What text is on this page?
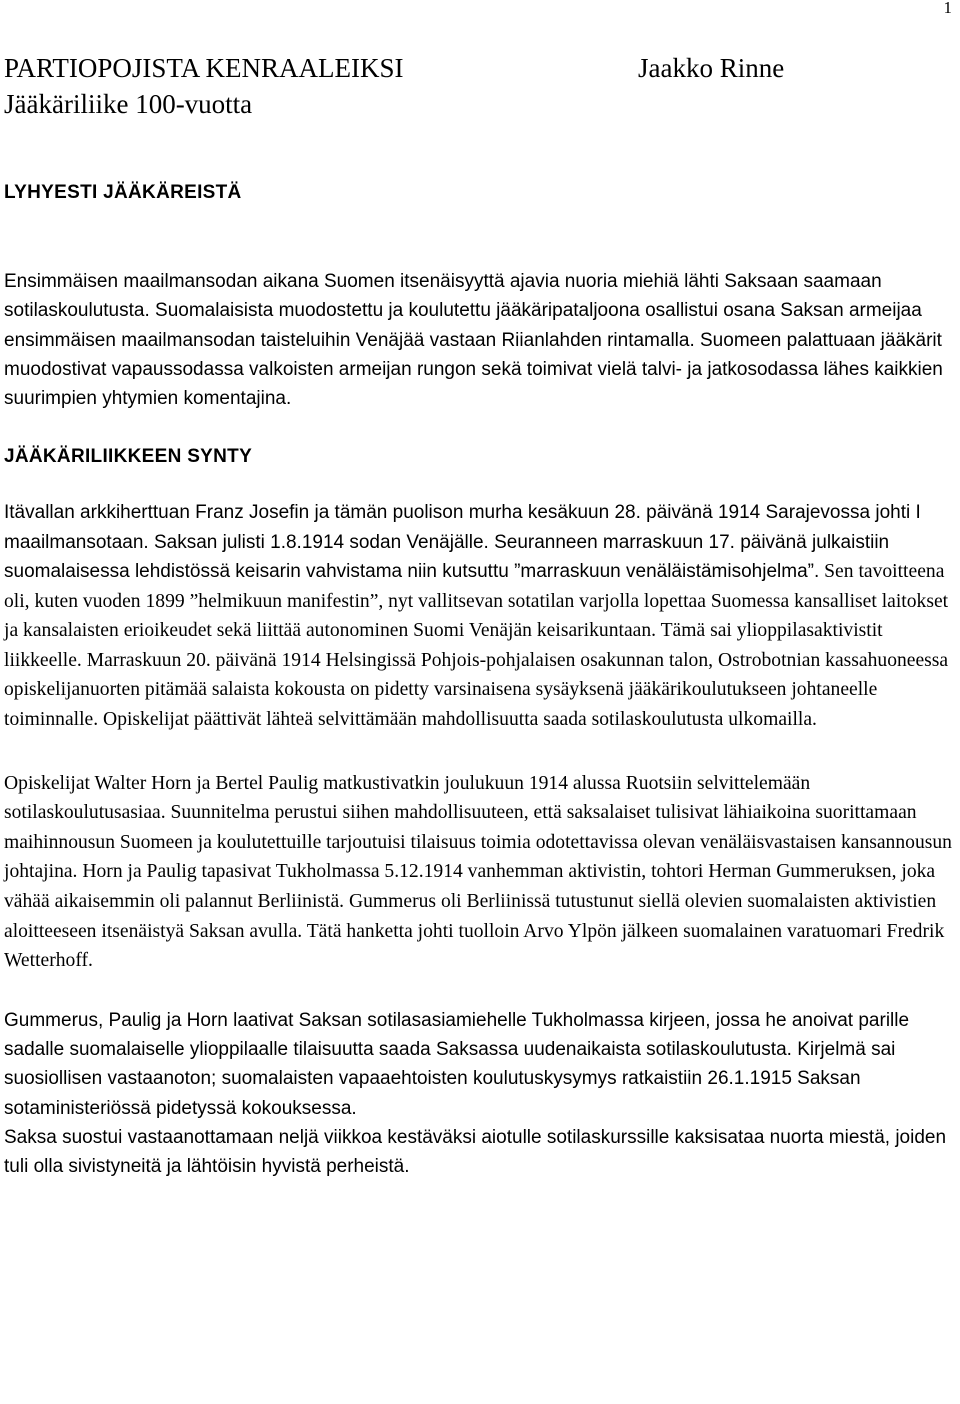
1
PARTIOPOJISTA KENRAALEIKSI
Jääkäriliike 100-vuotta
Jaakko Rinne
LYHYESTI JÄÄKÄREISTÄ

Ensimmäisen maailmansodan aikana Suomen itsenäisyyttä ajavia nuoria miehiä lähti Saksaan saamaan sotilaskoulutusta. Suomalaisista muodostettu ja koulutettu jääkäripataljoona osallistui osana Saksan armeijaa ensimmäisen maailmansodan taisteluihin Venäjää vastaan Riianlahden rintamalla. Suomeen palattuaan jääkärit muodostivat vapaussodassa valkoisten armeijan rungon sekä toimivat vielä talvi- ja jatkosodassa lähes kaikkien suurimpien yhtymien komentajina.

JÄÄKÄRILIIKKEEN SYNTY

Itävallan arkkiherttuan Franz Josefin ja tämän puolison murha kesäkuun 28. päivänä 1914 Sarajevossa johti I maailmansotaan. Saksan julisti 1.8.1914 sodan Venäjälle. Seuranneen marraskuun 17. päivänä julkaistiin suomalaisessa lehdistössä keisarin vahvistama niin kutsuttu ”marraskuun venäläistämisohjelma”. Sen tavoitteena oli, kuten vuoden 1899 ”helmikuun manifestin”, nyt vallitsevan sotatilan varjolla lopettaa Suomessa kansalliset laitokset ja kansalaisten erioikeudet sekä liittää autonominen Suomi Venäjän keisarikuntaan. Tämä sai ylioppilasaktivistit liikkeelle. Marraskuun 20. päivänä 1914 Helsingissä Pohjois-pohjalaisen osakunnan talon, Ostrobotnian kassahuoneessa opiskelijanuorten pitämää salaista kokousta on pidetty varsinaisena sysäyksenä jääkärikoulutukseen johtaneelle toiminnalle. Opiskelijat päättivät lähteä selvittämään mahdollisuutta saada sotilaskoulutusta ulkomailla.

Opiskelijat Walter Horn ja Bertel Paulig matkustivatkin joulukuun 1914 alussa Ruotsiin selvittelemään sotilaskoulutusasiaa. Suunnitelma perustui siihen mahdollisuuteen, että saksalaiset tulisivat lähiaikoina suorittamaan maihinnousun Suomeen ja koulutettuille tarjoutuisi tilaisuus toimia odotettavissa olevan venäläisvastaisen kansannousun johtajina. Horn ja Paulig tapasivat Tukholmassa 5.12.1914 vanhemman aktivistin, tohtori Herman Gummeruksen, joka vähää aikaisemmin oli palannut Berliinistä. Gummerus oli Berliinissä tutustunut siellä olevien suomalaisten aktivistien aloitteeseen itsenäistyä Saksan avulla. Tätä hanketta johti tuolloin Arvo Ylpön jälkeen suomalainen varatuomari Fredrik Wetterhoff.

Gummerus, Paulig ja Horn laativat Saksan sotilasasiamiehelle Tukholmassa kirjeen, jossa he anoivat parille sadalle suomalaiselle ylioppilaalle tilaisuutta saada Saksassa uudenaikaista sotilaskoulutusta. Kirjelmä sai suosiollisen vastaanoton; suomalaisten vapaaehtoisten koulutuskysymys ratkaistiin 26.1.1915 Saksan sotaministeriössä pidetyssä kokouksessa.

Saksa suostui vastaanottamaan neljä viikkoa kestäväksi aiotulle sotilaskurssille kaksisataa nuorta miestä, joiden tuli olla sivistyneitä ja lähtöisin hyvistä perheistä.
